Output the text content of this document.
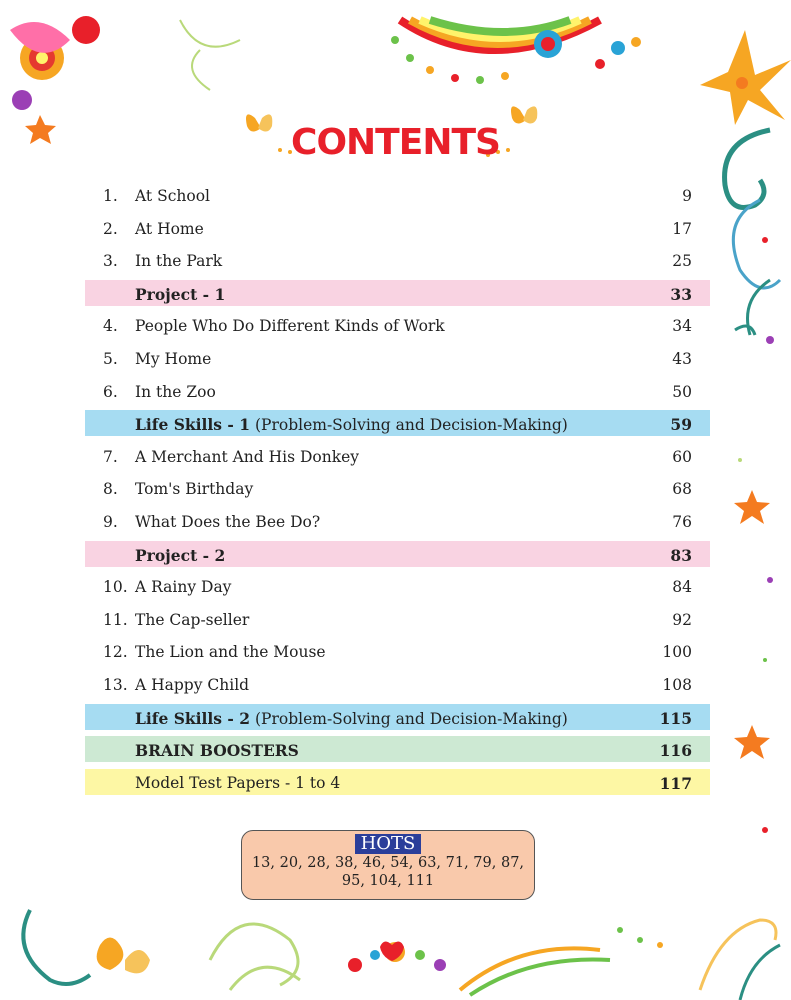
CONTENTS
1. At School	9
2. At Home	17
3. In the Park	25
Project - 1	33
4. People Who Do Different Kinds of Work	34
5. My Home	43
6. In the Zoo	50
Life Skills - 1 (Problem-Solving and Decision-Making)	59
7. A Merchant And His Donkey	60
8. Tom's Birthday	68
9. What Does the Bee Do?	76
Project - 2	83
10. A Rainy Day	84
11. The Cap-seller	92
12. The Lion and the Mouse	100
13. A Happy Child	108
Life Skills - 2 (Problem-Solving and Decision-Making)	115
BRAIN BOOSTERS	116
Model Test Papers - 1 to 4	117
HOTS
13, 20, 28, 38, 46, 54, 63, 71, 79, 87,
95, 104, 111
